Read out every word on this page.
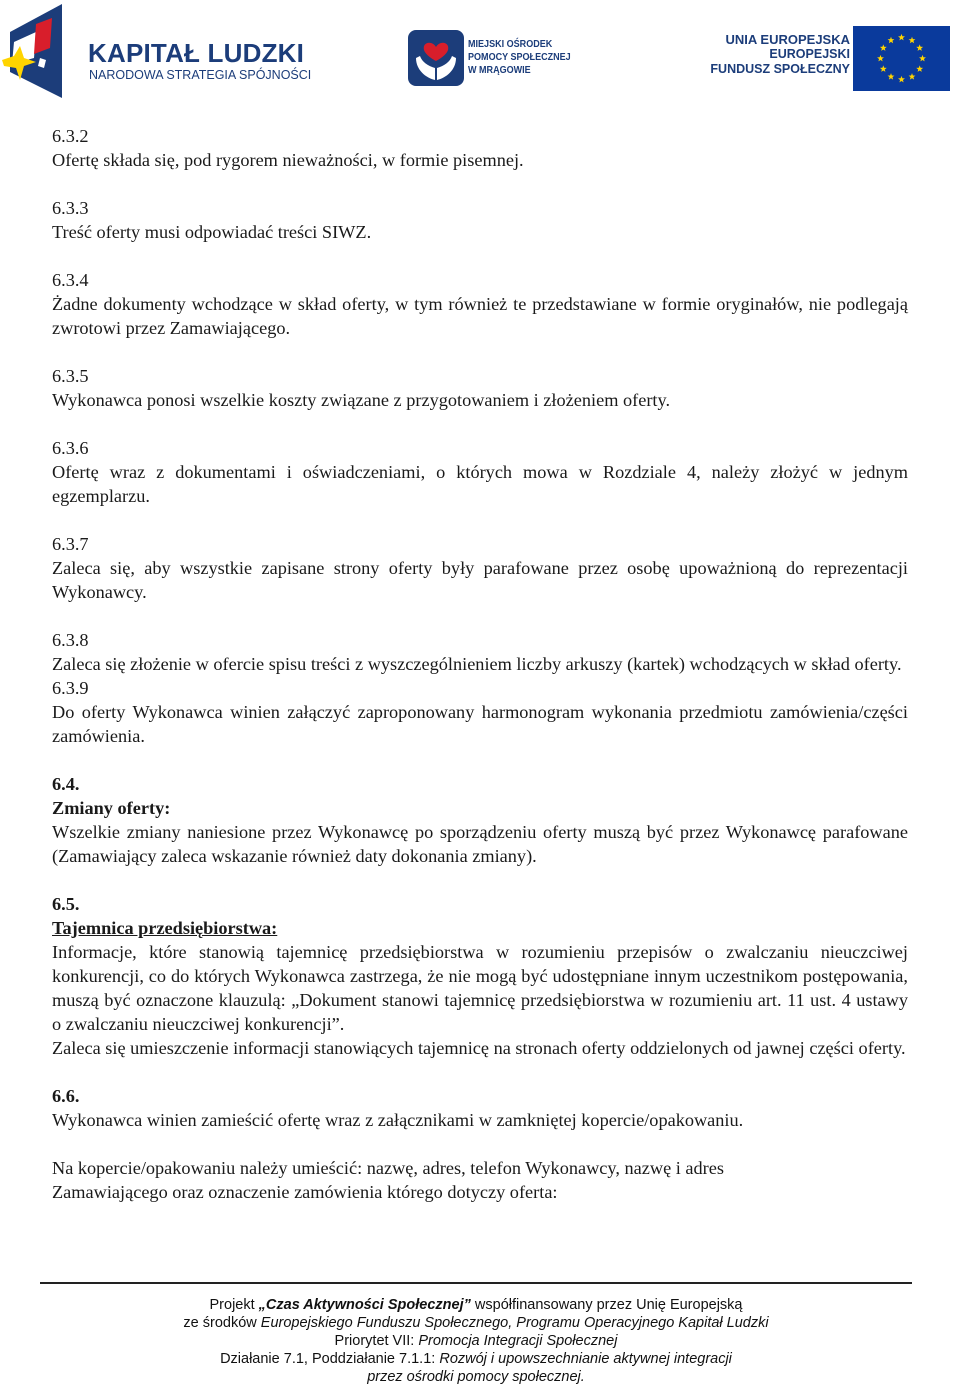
KAPITAŁ LUDZKI
NARODOWA STRATEGIA SPÓJNOŚCI
MIEJSKI OŚRODEK
POMOCY SPOŁECZNEJ
W MRĄGOWIE
UNIA EUROPEJSKA
EUROPEJSKI
FUNDUSZ SPOŁECZNY
6.3.2
Ofertę składa się, pod rygorem nieważności, w formie pisemnej.
6.3.3
Treść oferty musi odpowiadać treści SIWZ.
6.3.4
Żadne dokumenty wchodzące w skład oferty, w tym również te przedstawiane w formie oryginałów, nie podlegają zwrotowi przez Zamawiającego.
6.3.5
Wykonawca ponosi wszelkie koszty związane z przygotowaniem i złożeniem oferty.
6.3.6
Ofertę wraz z dokumentami i oświadczeniami, o których mowa w Rozdziale 4, należy złożyć w jednym egzemplarzu.
6.3.7
Zaleca się, aby wszystkie zapisane strony oferty były parafowane przez osobę upoważnioną do reprezentacji Wykonawcy.
6.3.8
Zaleca się złożenie w ofercie spisu treści z wyszczególnieniem liczby arkuszy (kartek) wchodzących w skład oferty.
6.3.9
Do oferty Wykonawca winien załączyć zaproponowany harmonogram wykonania przedmiotu zamówienia/części zamówienia.
6.4.
Zmiany oferty:
Wszelkie zmiany naniesione przez Wykonawcę po sporządzeniu oferty muszą być przez Wykonawcę parafowane (Zamawiający zaleca wskazanie również daty dokonania zmiany).
6.5.
Tajemnica przedsiębiorstwa:
Informacje, które stanowią tajemnicę przedsiębiorstwa w rozumieniu przepisów o zwalczaniu nieuczciwej konkurencji, co do których Wykonawca zastrzega, że nie mogą być udostępniane innym uczestnikom postępowania, muszą być oznaczone klauzulą: „Dokument stanowi tajemnicę przedsiębiorstwa w rozumieniu art. 11 ust. 4 ustawy o zwalczaniu nieuczciwej konkurencji”.
Zaleca się umieszczenie informacji stanowiących tajemnicę na stronach oferty oddzielonych od jawnej części oferty.
6.6.
Wykonawca winien zamieścić ofertę wraz z załącznikami w zamkniętej kopercie/opakowaniu.
Na kopercie/opakowaniu należy umieścić: nazwę, adres, telefon Wykonawcy, nazwę i adres
Zamawiającego oraz oznaczenie zamówienia którego dotyczy oferta:
Projekt „Czas Aktywności Społecznej” współfinansowany przez Unię Europejską
ze środków Europejskiego Funduszu Społecznego, Programu Operacyjnego Kapitał Ludzki
Priorytet VII: Promocja Integracji Społecznej
Działanie 7.1, Poddziałanie 7.1.1: Rozwój i upowszechnianie aktywnej integracji
przez ośrodki pomocy społecznej.
